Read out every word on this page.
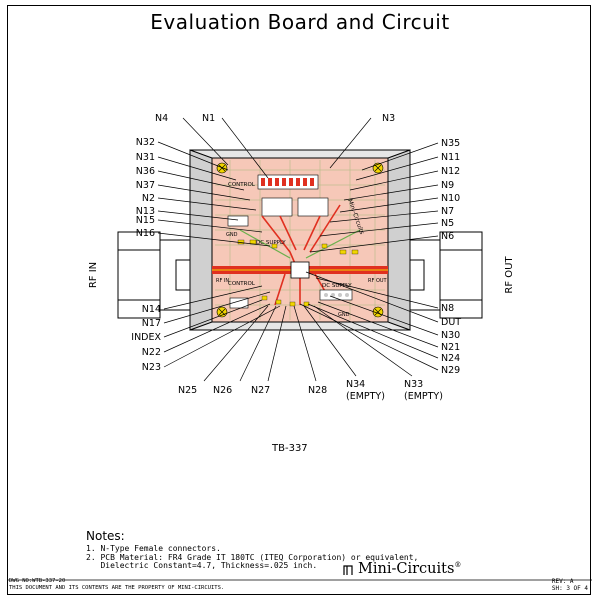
Evaluation Board and Circuit
Mini-Circuits
CONTROL
CONTROL
DC SUPPLY
DC SUPPLY
GND
GND
RF IN	RF OUT
RF IN	RF OUT
N4	N1	N3
N32
N31
N36
N37
N2
N13
N15
N16
N35
N11
N12
N9
N10
N7
N5
N6
N8
DUT
N30
N21
N24
N29
N14
N17
INDEX
N22
N23
N25 N26 N27	N28
N34
(EMPTY)
N33
(EMPTY)
TB-337
Notes:
1. N-Type Female connectors.
2. PCB Material: FR4 Grade IT 180TC (ITEQ Corporation) or equivalent,
Dielectric Constant=4.7, Thickness=.025 inch.	Mini-Circuits®
DWG NO:WTB-337-20
THIS DOCUMENT AND ITS CONTENTS ARE THE PROPERTY OF MINI-CIRCUITS.
REV: A
SH: 3 OF 4
